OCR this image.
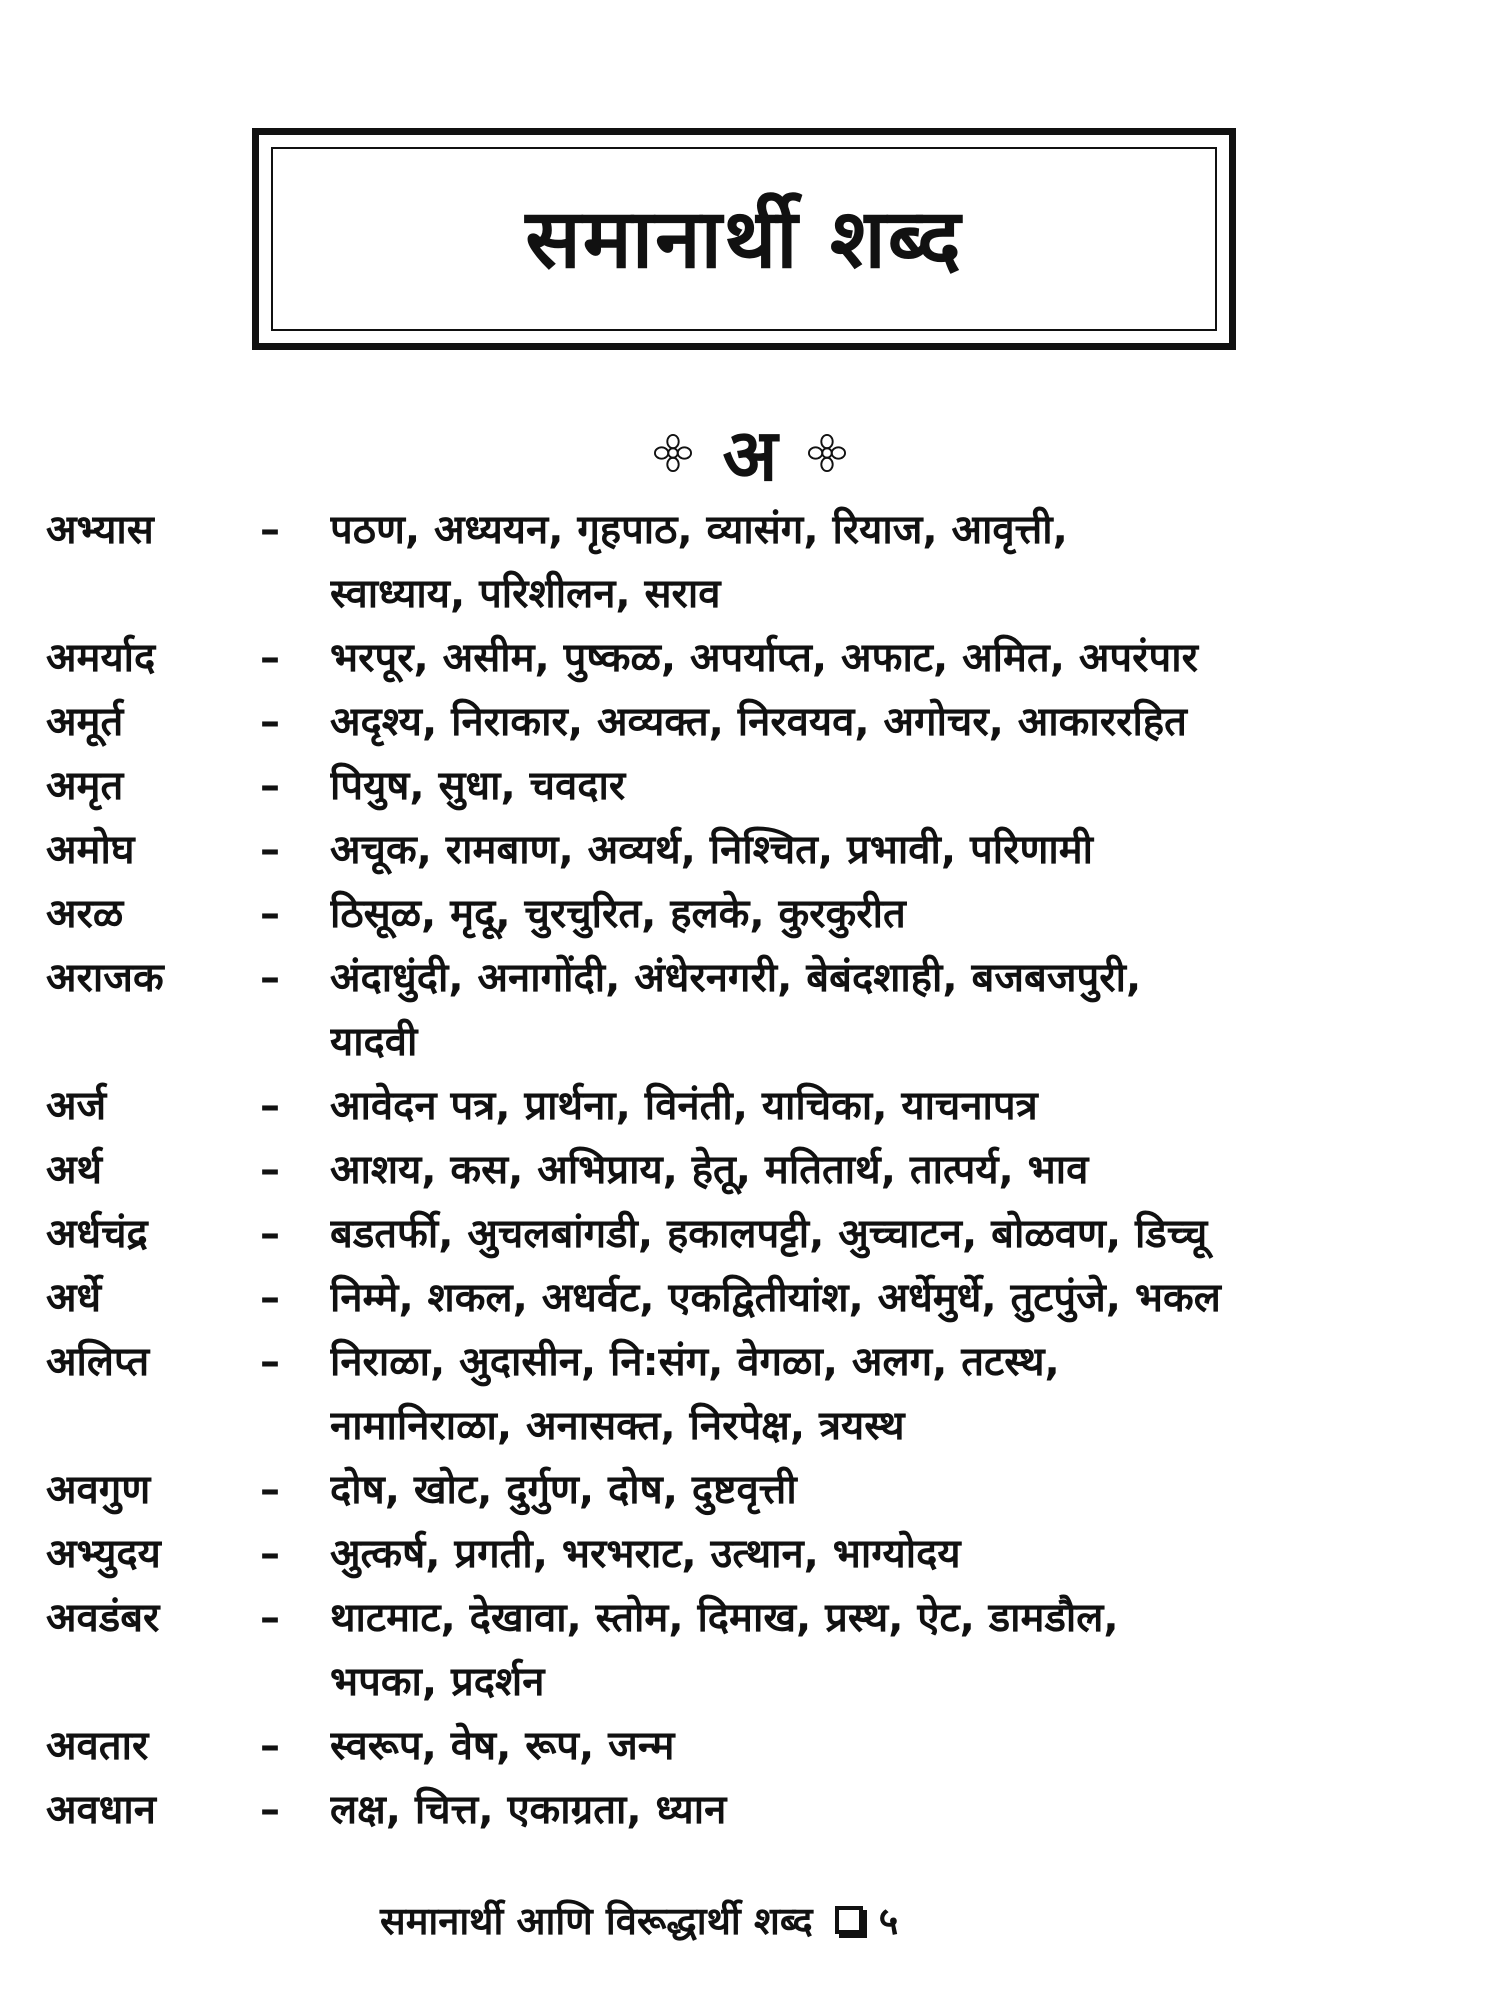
समानार्थी शब्द
अ
अभ्यास	–	पठण, अध्ययन, गृहपाठ, व्यासंग, रियाज, आवृत्ती,
स्वाध्याय, परिशीलन, सराव
अमर्याद	–	भरपूर, असीम, पुष्कळ, अपर्याप्त, अफाट, अमित, अपरंपार
अमूर्त	–	अदृश्य, निराकार, अव्यक्त, निरवयव, अगोचर, आकाररहित
अमृत	–	पियुष, सुधा, चवदार
अमोघ	–	अचूक, रामबाण, अव्यर्थ, निश्चित, प्रभावी, परिणामी
अरळ	–	ठिसूळ, मृदू, चुरचुरित, हलके, कुरकुरीत
अराजक	–	अंदाधुंदी, अनागोंदी, अंधेरनगरी, बेबंदशाही, बजबजपुरी,
यादवी
अर्ज	–	आवेदन पत्र, प्रार्थना, विनंती, याचिका, याचनापत्र
अर्थ	–	आशय, कस, अभिप्राय, हेतू, मतितार्थ, तात्पर्य, भाव
अर्धचंद्र	–	बडतर्फी, अुचलबांगडी, हकालपट्टी, अुच्चाटन, बोळवण, डिच्चू
अर्धे	–	निम्मे, शकल, अधर्वट, एकद्वितीयांश, अर्धेमुर्धे, तुटपुंजे, भकल
अलिप्त	–	निराळा, अुदासीन, नि:संग, वेगळा, अलग, तटस्थ,
नामानिराळा, अनासक्त, निरपेक्ष, त्रयस्थ
अवगुण	–	दोष, खोट, दुर्गुण, दोष, दुष्टवृत्ती
अभ्युदय	–	अुत्कर्ष, प्रगती, भरभराट, उत्थान, भाग्योदय
अवडंबर	–	थाटमाट, देखावा, स्तोम, दिमाख, प्रस्थ, ऐट, डामडौल,
भपका, प्रदर्शन
अवतार	–	स्वरूप, वेष, रूप, जन्म
अवधान	–	लक्ष, चित्त, एकाग्रता, ध्यान
समानार्थी आणि विरूद्धार्थी शब्द ५
